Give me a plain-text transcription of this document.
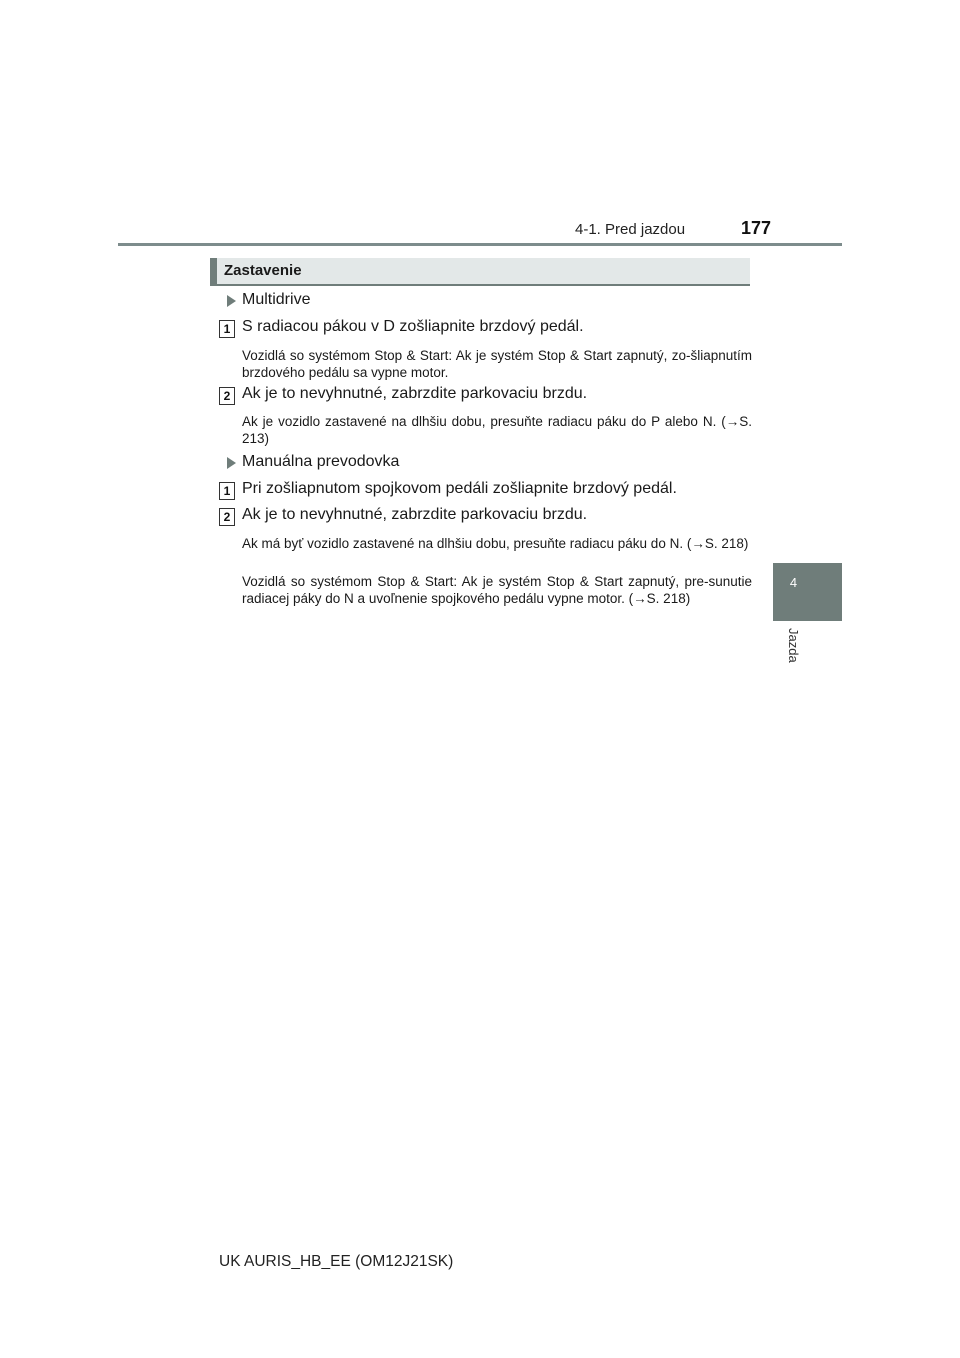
4-1. Pred jazdou	177
4
Jazda
Zastavenie
Multidrive
1 S radiacou pákou v D zošliapnite brzdový pedál.
Vozidlá so systémom Stop & Start: Ak je systém Stop & Start zapnutý, zo-šliapnutím brzdového pedálu sa vypne motor.
2 Ak je to nevyhnutné, zabrzdite parkovaciu brzdu.
Ak je vozidlo zastavené na dlhšiu dobu, presuňte radiacu páku do P alebo N. (→S. 213)
Manuálna prevodovka
1 Pri zošliapnutom spojkovom pedáli zošliapnite brzdový pedál.
2 Ak je to nevyhnutné, zabrzdite parkovaciu brzdu.
Ak má byť vozidlo zastavené na dlhšiu dobu, presuňte radiacu páku do N. (→S. 218)
Vozidlá so systémom Stop & Start: Ak je systém Stop & Start zapnutý, pre-sunutie radiacej páky do N a uvoľnenie spojkového pedálu vypne motor. (→S. 218)
UK AURIS_HB_EE (OM12J21SK)
